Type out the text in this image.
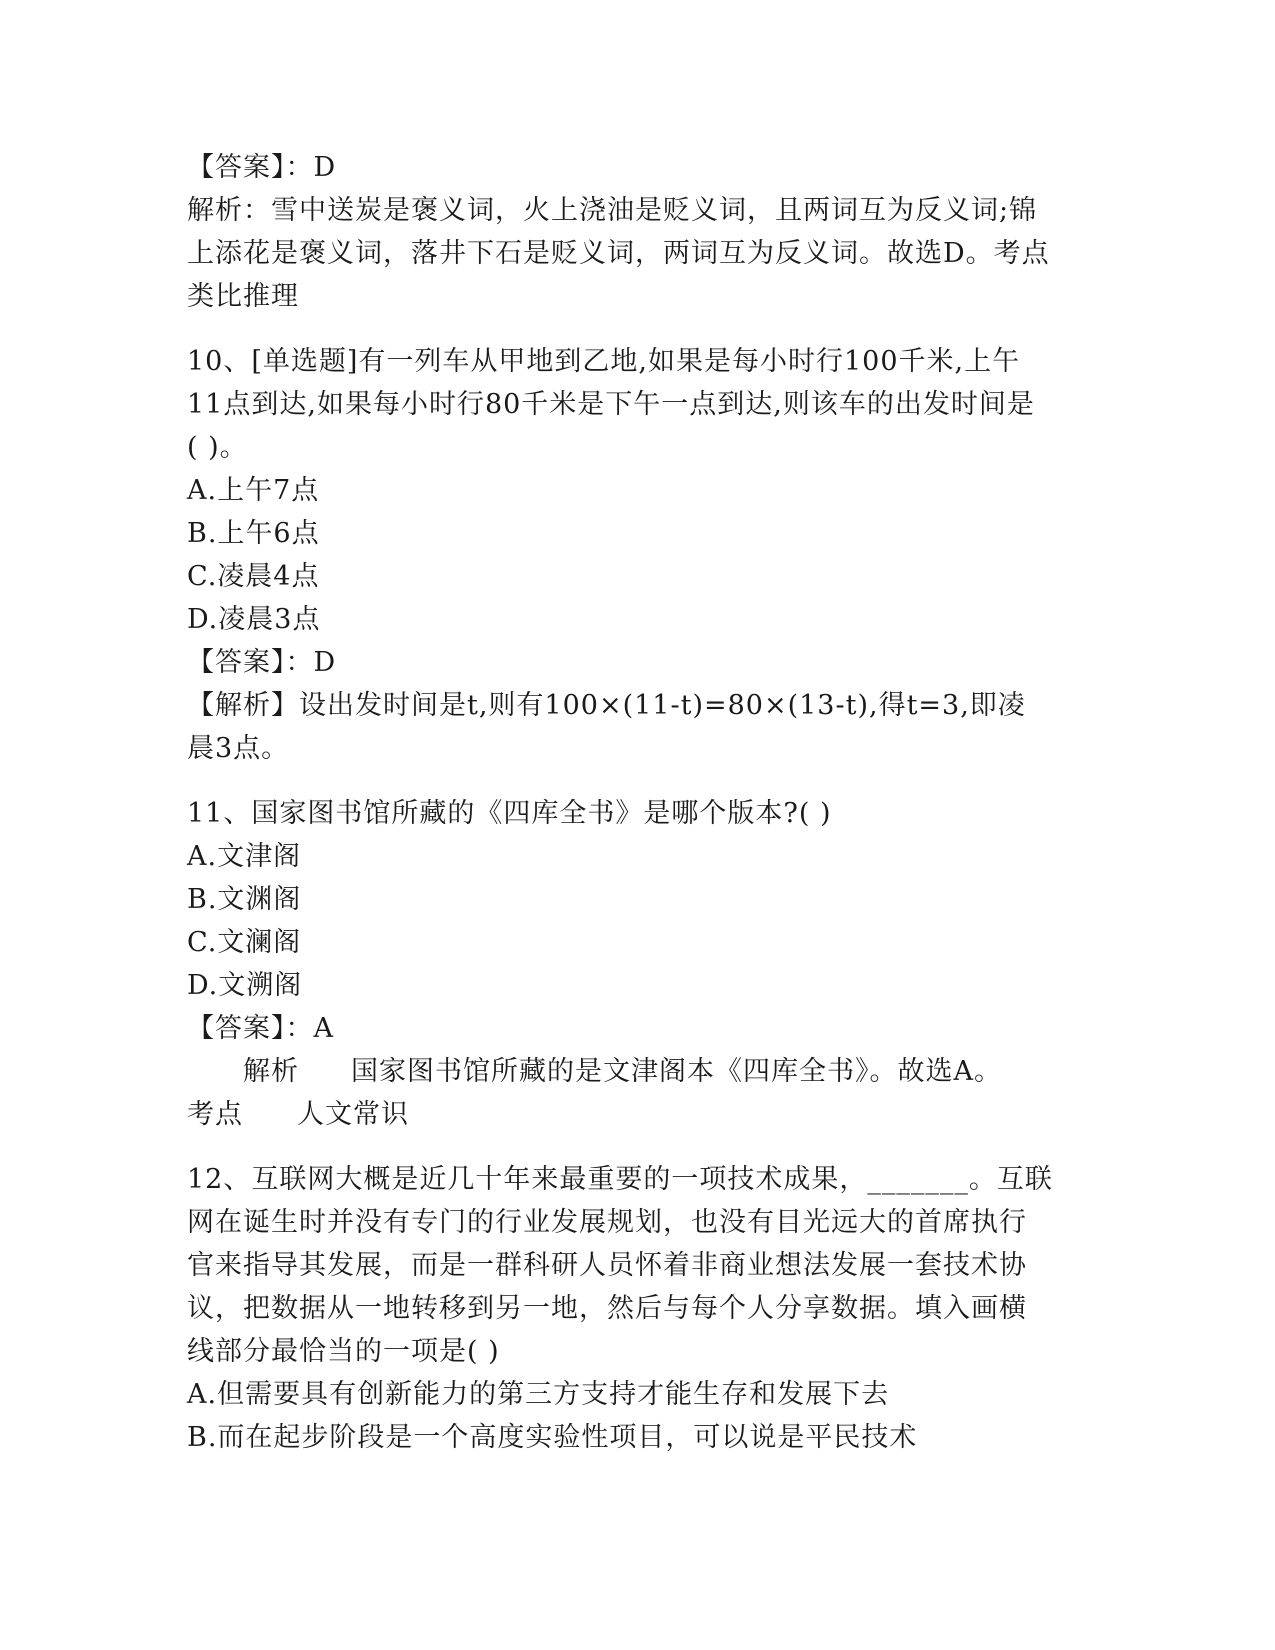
【答案】：D
解析：雪中送炭是褒义词，火上浇油是贬义词，且两词互为反义词;锦
上添花是褒义词，落井下石是贬义词，两词互为反义词。故选D。考点
类比推理
10、[单选题]有一列车从甲地到乙地,如果是每小时行100千米,上午
11点到达,如果每小时行80千米是下午一点到达,则该车的出发时间是
( )。
A.上午7点
B.上午6点
C.凌晨4点
D.凌晨3点
【答案】：D
【解析】设出发时间是t,则有100×(11-t)=80×(13-t),得t=3,即凌
晨3点。
11、国家图书馆所藏的《四库全书》是哪个版本?( )
A.文津阁
B.文渊阁
C.文澜阁
D.文溯阁
【答案】：A
解析 国家图书馆所藏的是文津阁本《四库全书》。故选A。
考点 人文常识
12、互联网大概是近几十年来最重要的一项技术成果，_______。互联
网在诞生时并没有专门的行业发展规划，也没有目光远大的首席执行
官来指导其发展，而是一群科研人员怀着非商业想法发展一套技术协
议，把数据从一地转移到另一地，然后与每个人分享数据。填入画横
线部分最恰当的一项是( )
A.但需要具有创新能力的第三方支持才能生存和发展下去
B.而在起步阶段是一个高度实验性项目，可以说是平民技术
